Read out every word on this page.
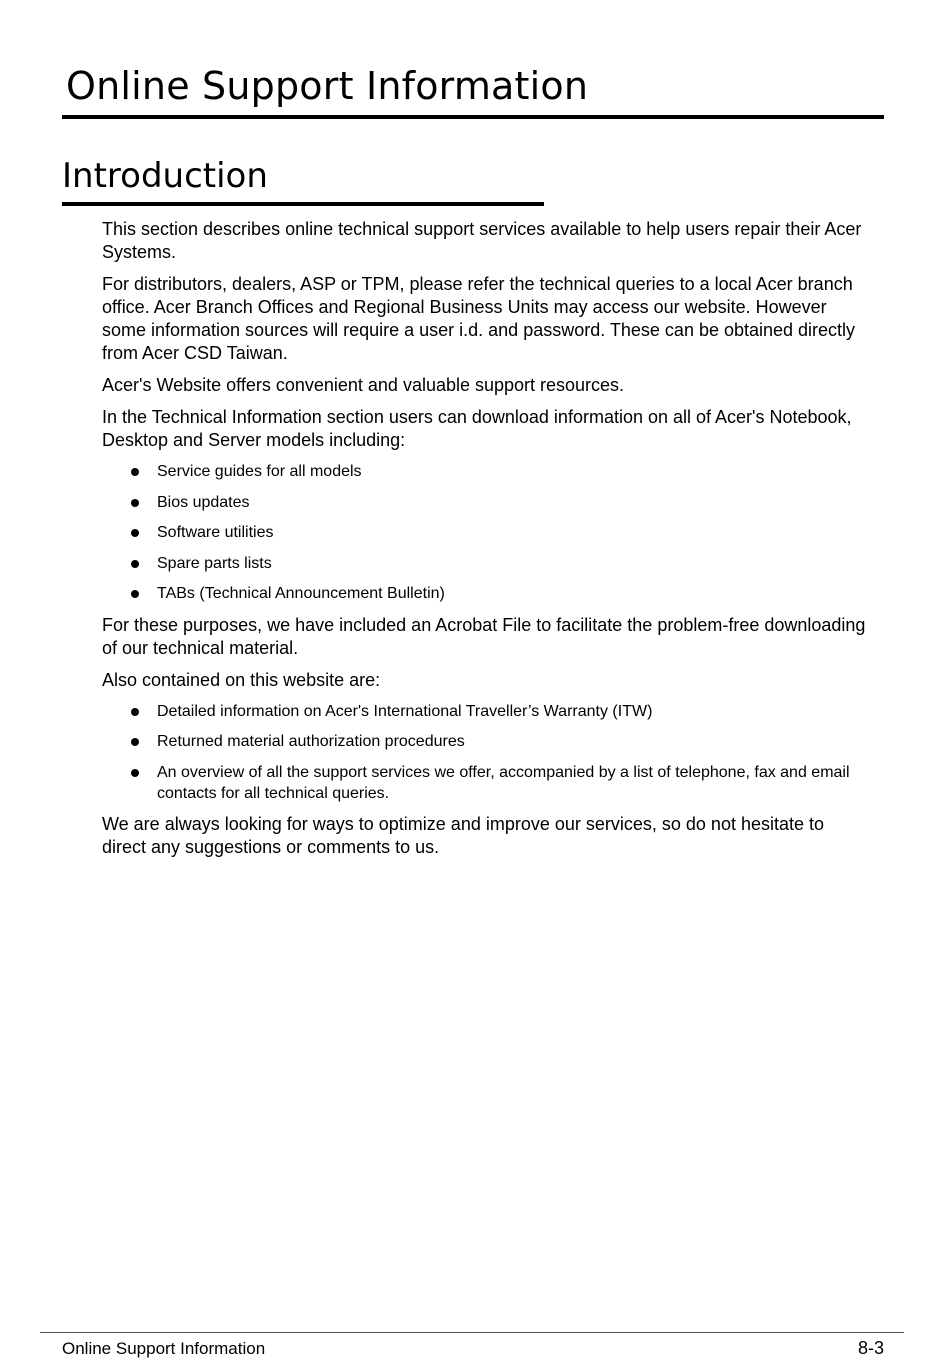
Online Support Information
Introduction

This section describes online technical support services available to help users repair their Acer Systems.

For distributors, dealers, ASP or TPM, please refer the technical queries to a local Acer branch office. Acer Branch Offices and Regional Business Units may access our website. However some information sources will require a user i.d. and password. These can be obtained directly from Acer CSD Taiwan.

Acer's Website offers convenient and valuable support resources.

In the Technical Information section users can download information on all of Acer's Notebook, Desktop and Server models including:

Service guides for all models
Bios updates
Software utilities
Spare parts lists
TABs (Technical Announcement Bulletin)

For these purposes, we have included an Acrobat File to facilitate the problem-free downloading of our technical material.

Also contained on this website are:

Detailed information on Acer's International Traveller’s Warranty (ITW)
Returned material authorization procedures
An overview of all the support services we offer, accompanied by a list of telephone, fax and email contacts for all technical queries.

We are always looking for ways to optimize and improve our services, so do not hesitate to direct any suggestions or comments to us.

Online Support Information	8-3
